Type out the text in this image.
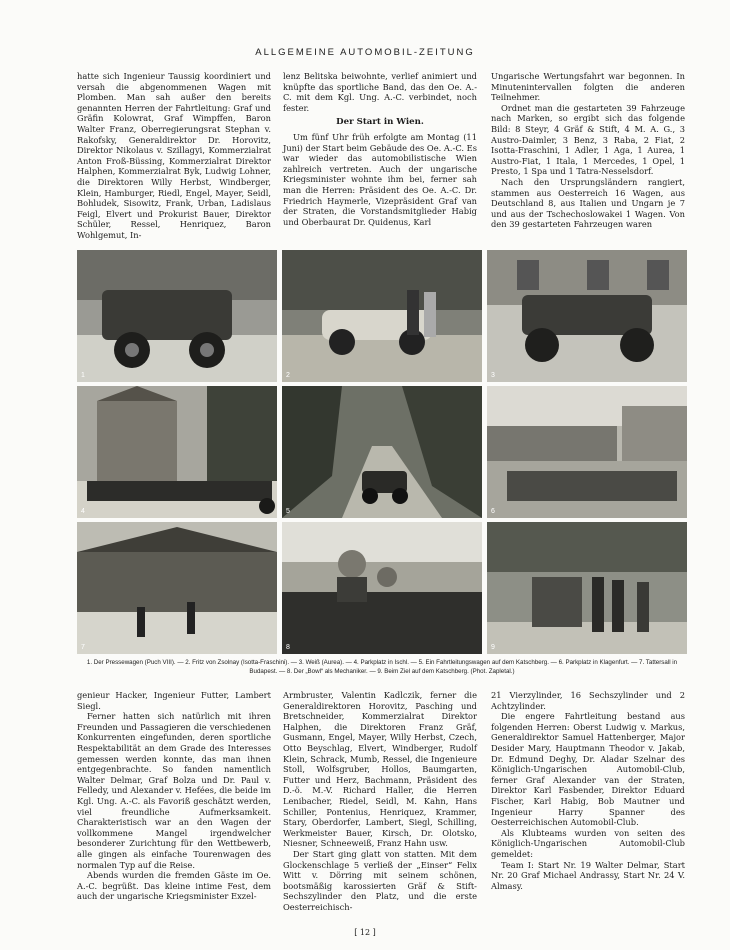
ALLGEMEINE AUTOMOBIL-ZEITUNG

hatte sich Ingenieur Taussig koordiniert und versah die abgenommenen Wagen mit Plomben. Man sah außer den bereits genannten Herren der Fahrtleitung: Graf und Gräfin Kolowrat, Graf Wimpffen, Baron Walter Franz, Oberregierungsrat Stephan v. Rakofsky, Generaldirektor Dr. Horovitz, Direktor Nikolaus v. Szillagyi, Kommerzialrat Anton Froß-Büssing, Kommerzialrat Direktor Halphen, Kommerzialrat Byk, Ludwig Lohner, die Direktoren Willy Herbst, Windberger, Klein, Hamburger, Riedl, Engel, Mayer, Seidl, Bohludek, Sisowitz, Frank, Urban, Ladislaus Feigl, Elvert und Prokurist Bauer, Direktor Schüler, Ressel, Henriquez, Baron Wohlgemut, In-

lenz Belitska beiwohnte, verlief animiert und knüpfte das sportliche Band, das den Oe. A.-C. mit dem Kgl. Ung. A.-C. verbindet, noch fester.

Der Start in Wien.

Um fünf Uhr früh erfolgte am Montag (11 Juni) der Start beim Gebäude des Oe. A.-C. Es war wieder das automobilistische Wien zahlreich vertreten. Auch der ungarische Kriegsminister wohnte ihm bei, ferner sah man die Herren: Präsident des Oe. A.-C. Dr. Friedrich Haymerle, Vizepräsident Graf van der Straten, die Vorstandsmitglieder Habig und Oberbaurat Dr. Quidenus, Karl

Ungarische Wertungsfahrt war begonnen. In Minutenintervallen folgten die anderen Teilnehmer.

Ordnet man die gestarteten 39 Fahrzeuge nach Marken, so ergibt sich das folgende Bild: 8 Steyr, 4 Gräf & Stift, 4 M. A. G., 3 Austro-Daimler, 3 Benz, 3 Raba, 2 Fiat, 2 Isotta-Fraschini, 1 Adler, 1 Aga, 1 Aurea, 1 Austro-Fiat, 1 Itala, 1 Mercedes, 1 Opel, 1 Presto, 1 Spa und 1 Tatra-Nesselsdorf.

Nach den Ursprungsländern rangiert, stammen aus Oesterreich 16 Wagen, aus Deutschland 8, aus Italien und Ungarn je 7 und aus der Tschechoslowakei 1 Wagen. Von den 39 gestarteten Fahrzeugen waren

1	2	3
4	5	6
7	8	9
1. Der Pressewagen (Puch VIII). — 2. Fritz von Zsolnay (Isotta-Fraschini). — 3. Weiß (Aurea). — 4. Parkplatz in Ischl. — 5. Ein Fahrtleitungswagen auf dem Katschberg. — 6. Parkplatz in Klagenfurt. — 7. Tattersall in Budapest. — 8. Der „Bowl“ als Mechaniker. — 9. Beim Ziel auf dem Katschberg. (Phot. Zapletal.)

genieur Hacker, Ingenieur Futter, Lambert Siegl.

Ferner hatten sich natürlich mit ihren Freunden und Passagieren die verschiedenen Konkurrenten eingefunden, deren sportliche Respektabilität an dem Grade des Interesses gemessen werden konnte, das man ihnen entgegenbrachte. So fanden namentlich Walter Delmar, Graf Bolza und Dr. Paul v. Felledy, und Alexander v. Hefées, die beide im Kgl. Ung. A.-C. als Favoriß geschätzt werden, viel freundliche Aufmerksamkeit. Charakteristisch war an den Wagen der vollkommene Mangel irgendwelcher besonderer Zurichtung für den Wettbewerb, alle gingen als einfache Tourenwagen des normalen Typ auf die Reise.

Abends wurden die fremden Gäste im Oe. A.-C. begrüßt. Das kleine intime Fest, dem auch der ungarische Kriegsminister Exzel-

Armbruster, Valentin Kadlczik, ferner die Generaldirektoren Horovitz, Pasching und Bretschneider, Kommerzialrat Direktor Halphen, die Direktoren Franz Gräf, Gusmann, Engel, Mayer, Willy Herbst, Czech, Otto Beyschlag, Elvert, Windberger, Rudolf Klein, Schrack, Mumb, Ressel, die Ingenieure Stoll, Wolfsgruber, Hollos, Baumgarten, Futter und Herz, Bachmann, Präsident des D.-ö. M.-V. Richard Haller, die Herren Lenibacher, Riedel, Seidl, M. Kahn, Hans Schiller, Pontenius, Henriquez, Krammer, Stary, Oberdorfer, Lambert, Siegl, Schilling, Werkmeister Bauer, Kirsch, Dr. Olotsko, Niesner, Schneeweiß, Franz Hahn usw.

Der Start ging glatt von statten. Mit dem Glockenschlage 5 verließ der „Einser“ Felix Witt v. Dörring mit seinem schönen, bootsmäßig karossierten Gräf & Stift-Sechszylinder den Platz, und die erste Oesterreichisch-

21 Vierzylinder, 16 Sechszylinder und 2 Achtzylinder.

Die engere Fahrtleitung bestand aus folgenden Herren: Oberst Ludwig v. Markus, Generaldirektor Samuel Hattenberger, Major Desider Mary, Hauptmann Theodor v. Jakab, Dr. Edmund Deghy, Dr. Aladar Szelnar des Königlich-Ungarischen Automobil-Club, ferner Graf Alexander van der Straten, Direktor Karl Fasbender, Direktor Eduard Fischer, Karl Habig, Bob Mautner und Ingenieur Harry Spanner des Oesterreichischen Automobil-Club.

Als Klubteams wurden von seiten des Königlich-Ungarischen Automobil-Club gemeldet:

Team I: Start Nr. 19 Walter Delmar, Start Nr. 20 Graf Michael Andrassy, Start Nr. 24 V. Almasy.

[ 12 ]
